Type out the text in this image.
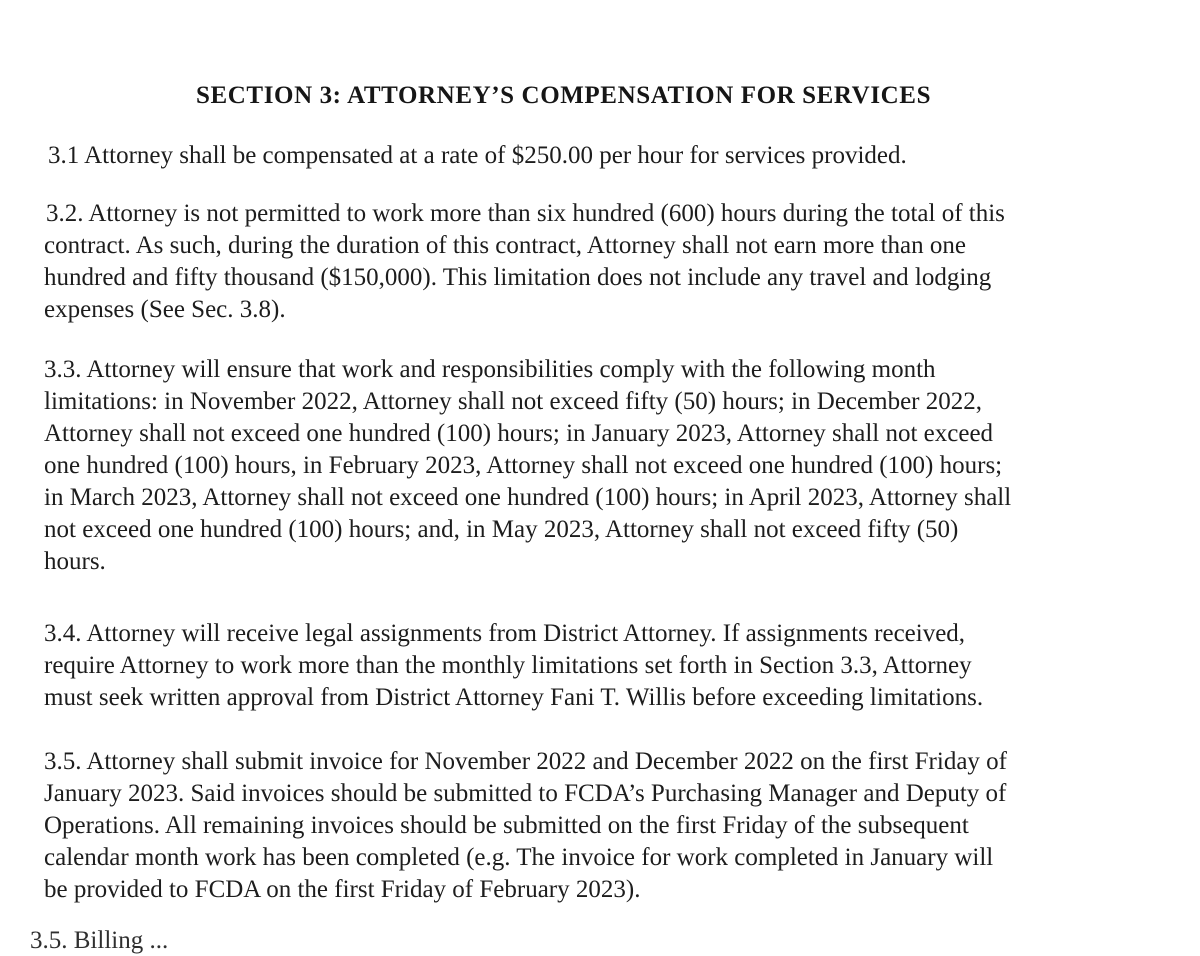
SECTION 3: ATTORNEY’S COMPENSATION FOR SERVICES
3.1 Attorney shall be compensated at a rate of $250.00 per hour for services provided.
3.2. Attorney is not permitted to work more than six hundred (600) hours during the total of this
contract. As such, during the duration of this contract, Attorney shall not earn more than one
hundred and fifty thousand ($150,000). This limitation does not include any travel and lodging
expenses (See Sec. 3.8).
3.3. Attorney will ensure that work and responsibilities comply with the following month
limitations: in November 2022, Attorney shall not exceed fifty (50) hours; in December 2022,
Attorney shall not exceed one hundred (100) hours; in January 2023, Attorney shall not exceed
one hundred (100) hours, in February 2023, Attorney shall not exceed one hundred (100) hours;
in March 2023, Attorney shall not exceed one hundred (100) hours; in April 2023, Attorney shall
not exceed one hundred (100) hours; and, in May 2023, Attorney shall not exceed fifty (50)
hours.
3.4. Attorney will receive legal assignments from District Attorney. If assignments received,
require Attorney to work more than the monthly limitations set forth in Section 3.3, Attorney
must seek written approval from District Attorney Fani T. Willis before exceeding limitations.
3.5. Attorney shall submit invoice for November 2022 and December 2022 on the first Friday of
January 2023. Said invoices should be submitted to FCDA’s Purchasing Manager and Deputy of
Operations. All remaining invoices should be submitted on the first Friday of the subsequent
calendar month work has been completed (e.g. The invoice for work completed in January will
be provided to FCDA on the first Friday of February 2023).
3.5. Billing ...
